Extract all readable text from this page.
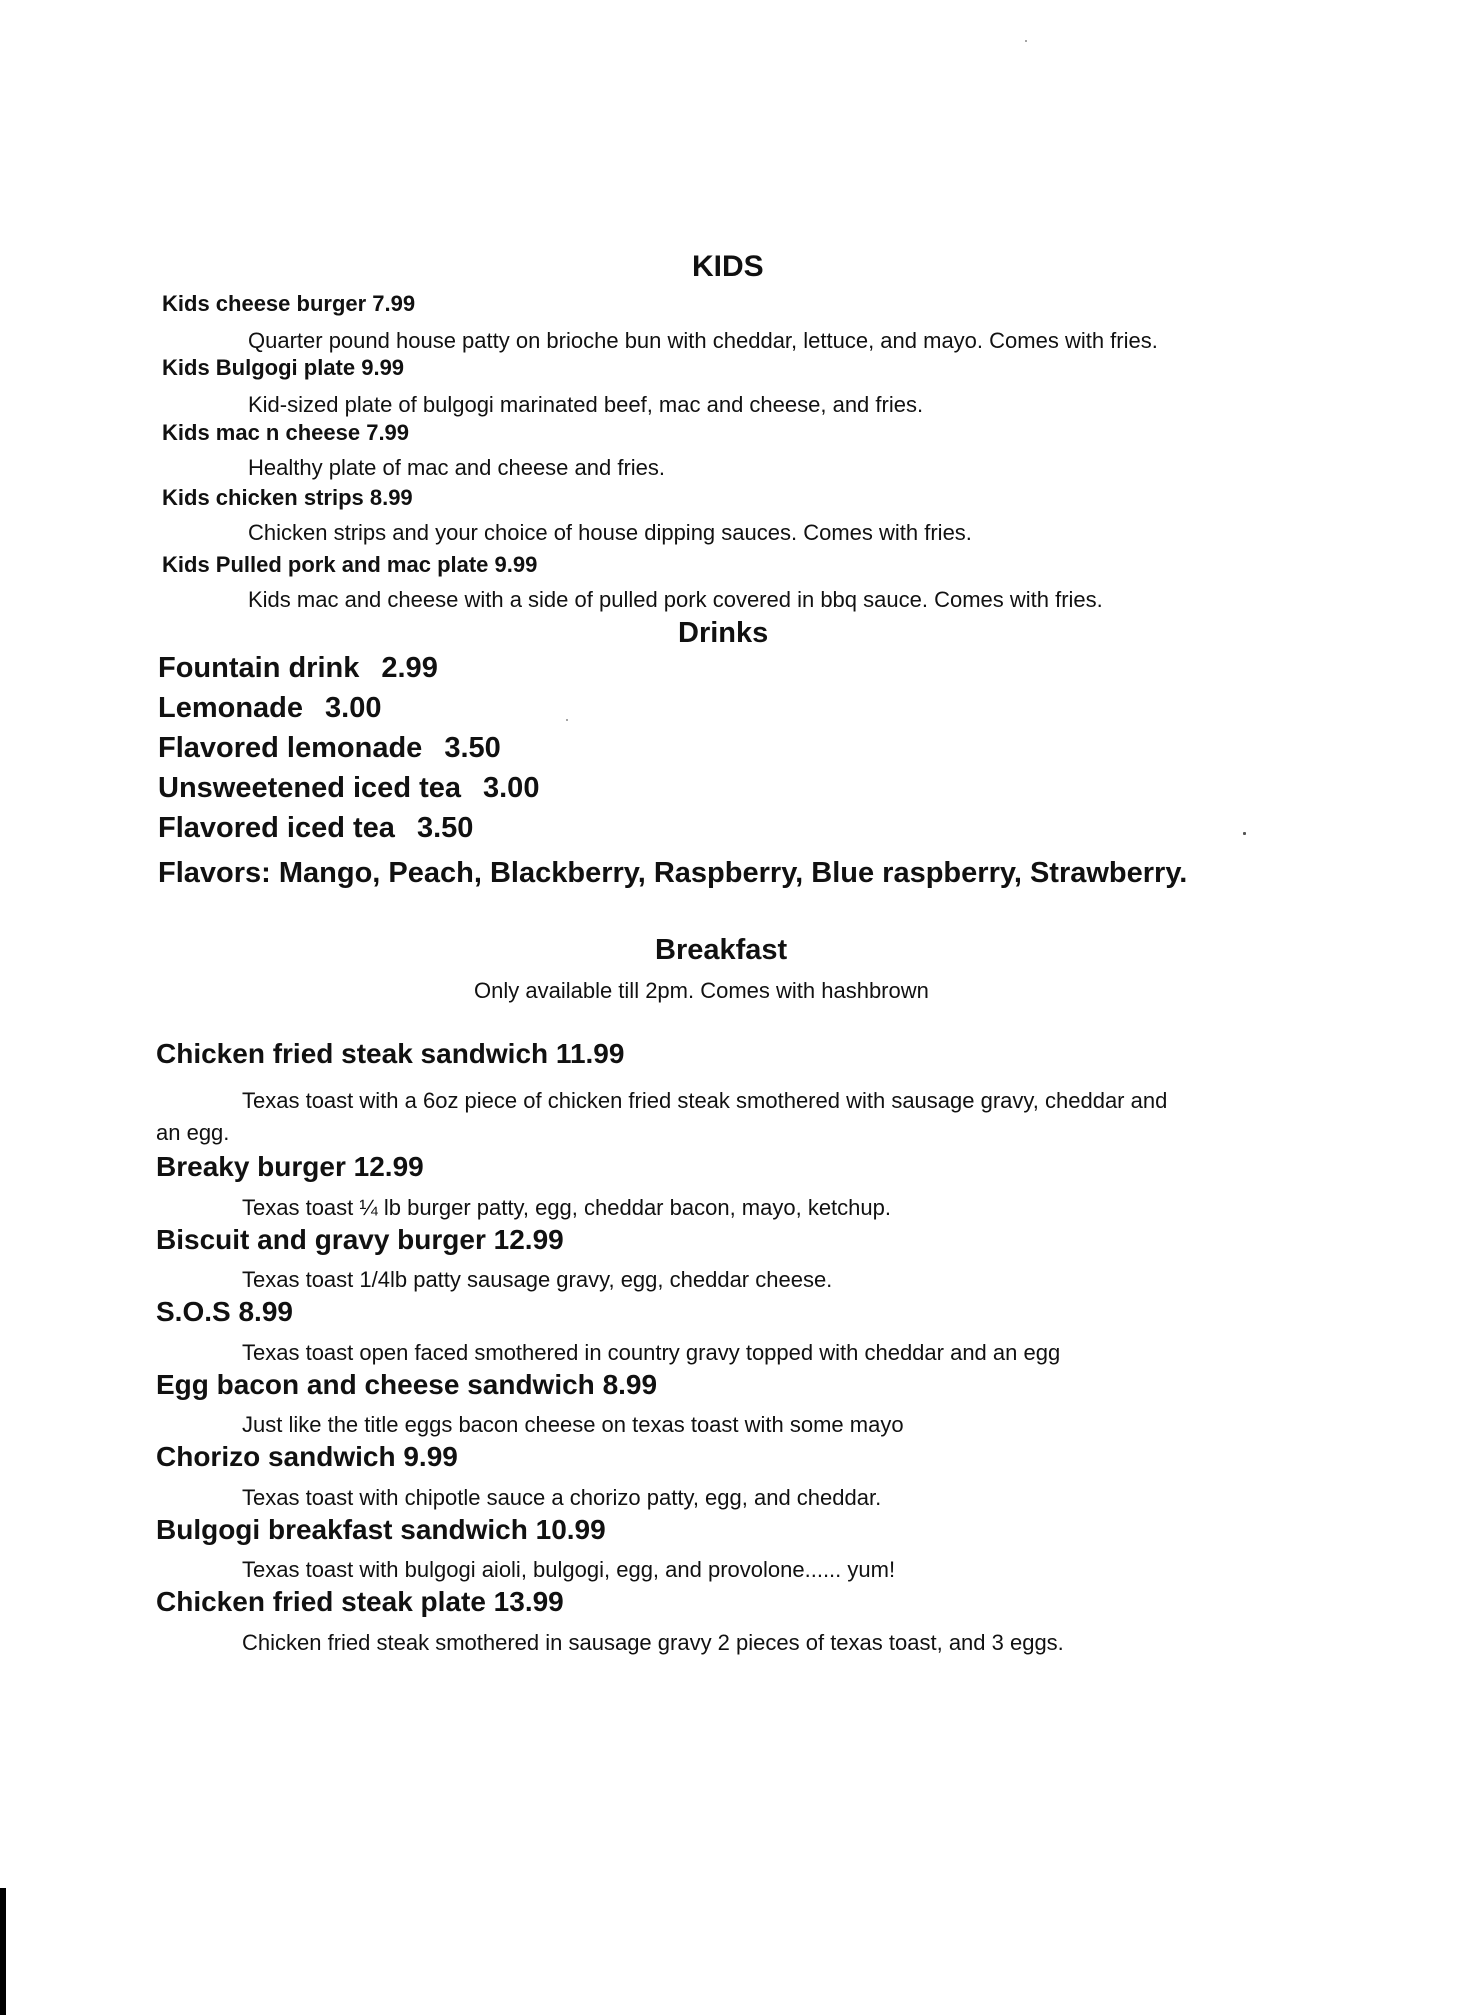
KIDS
Kids cheese burger 7.99
Quarter pound house patty on brioche bun with cheddar, lettuce, and mayo. Comes with fries.
Kids Bulgogi plate 9.99
Kid-sized plate of bulgogi marinated beef, mac and cheese, and fries.
Kids mac n cheese 7.99
Healthy plate of mac and cheese and fries.
Kids chicken strips 8.99
Chicken strips and your choice of house dipping sauces. Comes with fries.
Kids Pulled pork and mac plate 9.99
Kids mac and cheese with a side of pulled pork covered in bbq sauce. Comes with fries.
Drinks
Fountain drink 2.99
Lemonade 3.00
Flavored lemonade 3.50
Unsweetened iced tea 3.00
Flavored iced tea 3.50
Flavors: Mango, Peach, Blackberry, Raspberry, Blue raspberry, Strawberry.
Breakfast
Only available till 2pm. Comes with hashbrown
Chicken fried steak sandwich 11.99
Texas toast with a 6oz piece of chicken fried steak smothered with sausage gravy, cheddar and
an egg.
Breaky burger 12.99
Texas toast ¼ lb burger patty, egg, cheddar bacon, mayo, ketchup.
Biscuit and gravy burger 12.99
Texas toast 1/4lb patty sausage gravy, egg, cheddar cheese.
S.O.S 8.99
Texas toast open faced smothered in country gravy topped with cheddar and an egg
Egg bacon and cheese sandwich 8.99
Just like the title eggs bacon cheese on texas toast with some mayo
Chorizo sandwich 9.99
Texas toast with chipotle sauce a chorizo patty, egg, and cheddar.
Bulgogi breakfast sandwich 10.99
Texas toast with bulgogi aioli, bulgogi, egg, and provolone...... yum!
Chicken fried steak plate 13.99
Chicken fried steak smothered in sausage gravy 2 pieces of texas toast, and 3 eggs.
